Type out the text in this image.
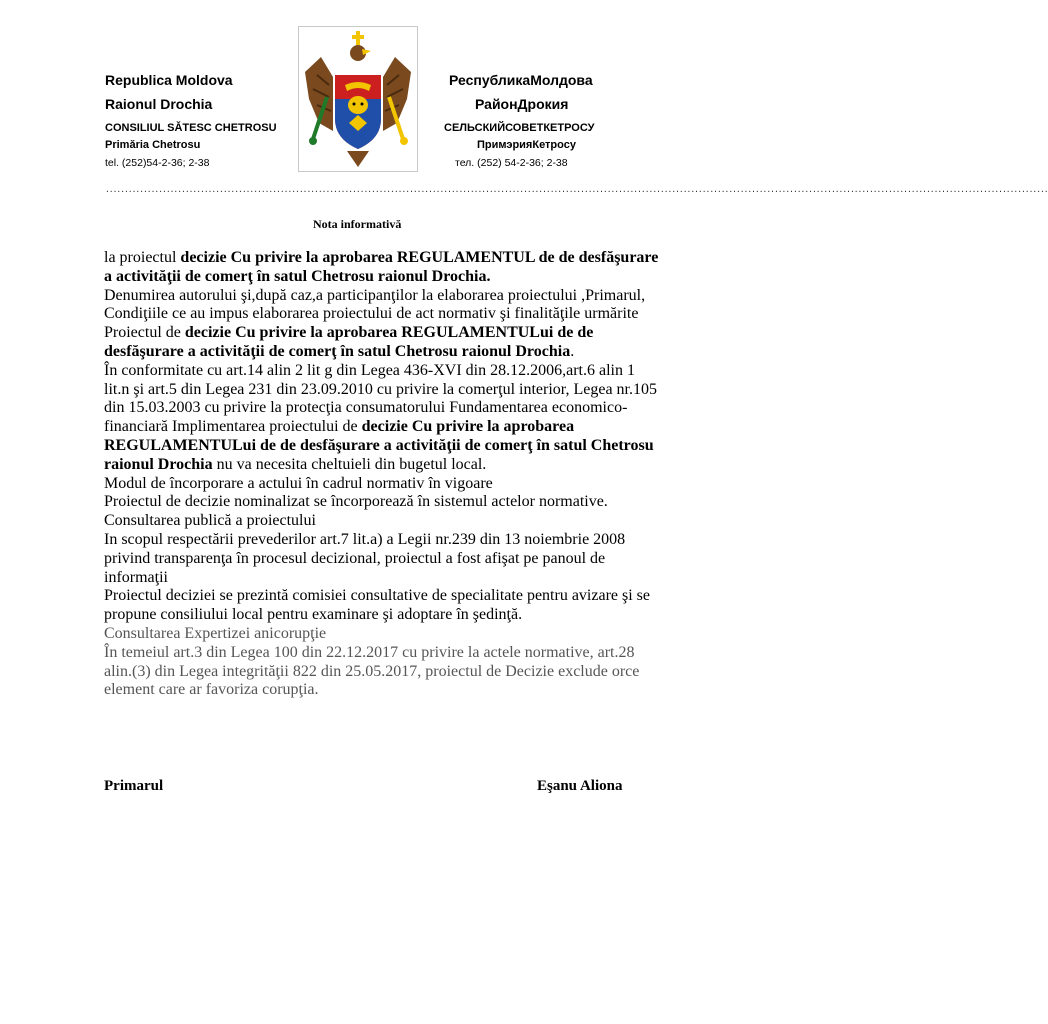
Republica Moldova
Raionul Drochia
CONSILIUL SĂTESC CHETROSU
Primăria Chetrosu
tel. (252)54-2-36; 2-38
РеспубликаМолдова
РайонДрокия
СЕЛЬСКИЙСОВЕТКЕТРОСУ
ПримэрияКетросу
тел. (252) 54-2-36; 2-38
........................................................................................................................................................................................................................................................
Nota informativă

la proiectul decizie Cu privire la aprobarea REGULAMENTUL de de desfăşurare a activităţii de comerţ în satul Chetrosu raionul Drochia.

Denumirea autorului şi,după caz,a participanţilor la elaborarea proiectului ,Primarul,

Condiţiile ce au impus elaborarea proiectului de act normativ şi finalităţile urmărite

Proiectul de decizie Cu privire la aprobarea REGULAMENTULui de de desfăşurare a activităţii de comerţ în satul Chetrosu raionul Drochia.

În conformitate cu art.14 alin 2 lit g din Legea 436-XVI din 28.12.2006,art.6 alin 1 lit.n şi art.5 din Legea 231 din 23.09.2010 cu privire la comerţul interior, Legea nr.105 din 15.03.2003 cu privire la protecţia consumatorului Fundamentarea economico-financiară Implimentarea proiectului de decizie Cu privire la aprobarea REGULAMENTULui de de desfăşurare a activităţii de comerţ în satul Chetrosu raionul Drochia nu va necesita cheltuieli din bugetul local.

Modul de încorporare a actului în cadrul normativ în vigoare

Proiectul de decizie nominalizat se încorporează în sistemul actelor normative.

Consultarea publică a proiectului

In scopul respectării prevederilor art.7 lit.a) a Legii nr.239 din 13 noiembrie 2008 privind transparenţa în procesul decizional, proiectul a fost afişat pe panoul de informaţii

Proiectul deciziei se prezintă comisiei consultative de specialitate pentru avizare şi se propune consiliului local pentru examinare şi adoptare în şedinţă.

Consultarea Expertizei anicorupţie

În temeiul art.3 din Legea 100 din 22.12.2017 cu privire la actele normative, art.28 alin.(3) din Legea integrităţii 822 din 25.05.2017, proiectul de Decizie exclude orce element care ar favoriza corupţia.

Primarul	Eşanu Aliona
